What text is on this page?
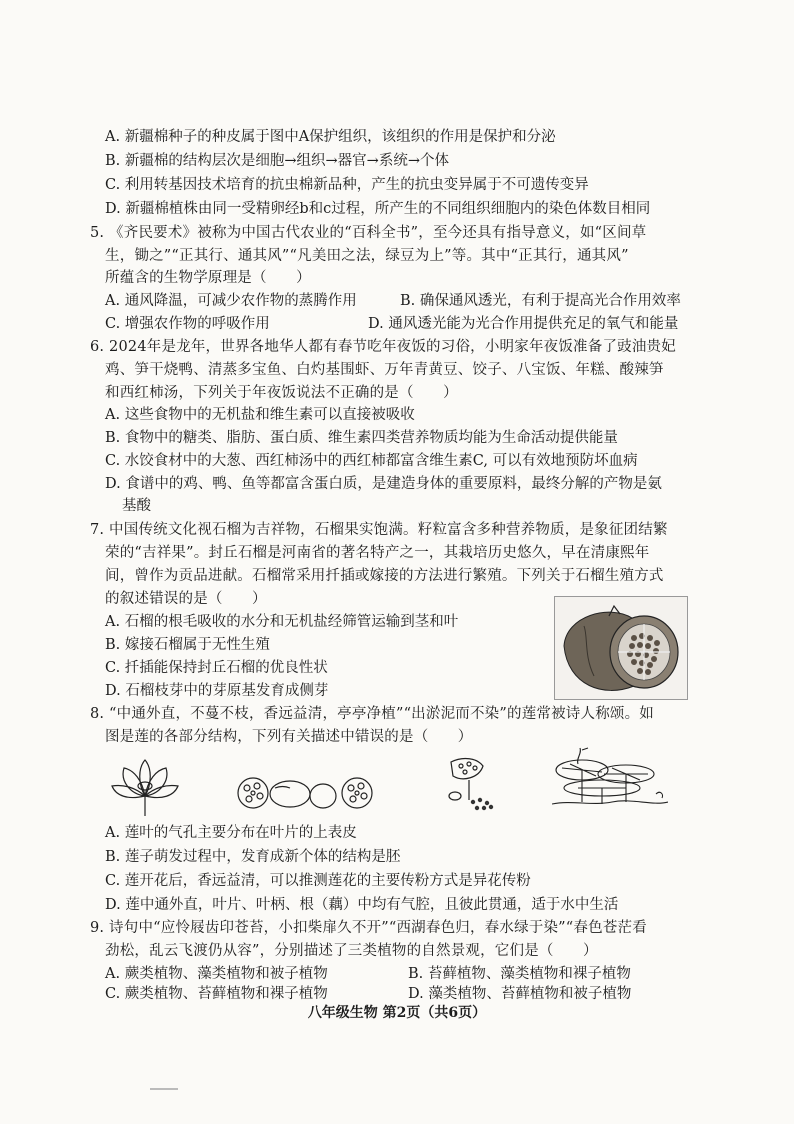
A. 新疆棉种子的种皮属于图中A保护组织，该组织的作用是保护和分泌
B. 新疆棉的结构层次是细胞→组织→器官→系统→个体
C. 利用转基因技术培育的抗虫棉新品种，产生的抗虫变异属于不可遗传变异
D. 新疆棉植株由同一受精卵经b和c过程，所产生的不同组织细胞内的染色体数目相同
5. 《齐民要术》被称为中国古代农业的“百科全书”，至今还具有指导意义，如“区间草
生，锄之”“正其行、通其风”“凡美田之法，绿豆为上”等。其中“正其行，通其风”
所蕴含的生物学原理是（　　）
A. 通风降温，可减少农作物的蒸腾作用	B. 确保通风透光，有利于提高光合作用效率
C. 增强农作物的呼吸作用	D. 通风透光能为光合作用提供充足的氧气和能量
6. 2024年是龙年，世界各地华人都有春节吃年夜饭的习俗，小明家年夜饭准备了豉油贵妃
鸡、笋干烧鸭、清蒸多宝鱼、白灼基围虾、万年青黄豆、饺子、八宝饭、年糕、酸辣笋
和西红柿汤，下列关于年夜饭说法不正确的是（　　）
A. 这些食物中的无机盐和维生素可以直接被吸收
B. 食物中的糖类、脂肪、蛋白质、维生素四类营养物质均能为生命活动提供能量
C. 水饺食材中的大葱、西红柿汤中的西红柿都富含维生素C, 可以有效地预防坏血病
D. 食谱中的鸡、鸭、鱼等都富含蛋白质，是建造身体的重要原料，最终分解的产物是氨
基酸
7. 中国传统文化视石榴为吉祥物，石榴果实饱满。籽粒富含多种营养物质，是象征团结繁
荣的“吉祥果”。封丘石榴是河南省的著名特产之一，其栽培历史悠久，早在清康熙年
间，曾作为贡品进献。石榴常采用扦插或嫁接的方法进行繁殖。下列关于石榴生殖方式
的叙述错误的是（　　）
A. 石榴的根毛吸收的水分和无机盐经筛管运输到茎和叶
B. 嫁接石榴属于无性生殖
C. 扦插能保持封丘石榴的优良性状
D. 石榴枝芽中的芽原基发育成侧芽
8. “中通外直，不蔓不枝，香远益清，亭亭净植”“出淤泥而不染”的莲常被诗人称颂。如
图是莲的各部分结构，下列有关描述中错误的是（　　）
A. 莲叶的气孔主要分布在叶片的上表皮
B. 莲子萌发过程中，发育成新个体的结构是胚
C. 莲开花后，香远益清，可以推测莲花的主要传粉方式是异花传粉
D. 莲中通外直，叶片、叶柄、根（藕）中均有气腔，且彼此贯通，适于水中生活
9. 诗句中“应怜屐齿印苍苔，小扣柴扉久不开”“西湖春色归，春水绿于染”“春色苍茫看
劲松，乱云飞渡仍从容”，分别描述了三类植物的自然景观，它们是（　　）
A. 蕨类植物、藻类植物和被子植物	B. 苔藓植物、藻类植物和裸子植物
C. 蕨类植物、苔藓植物和裸子植物	D. 藻类植物、苔藓植物和被子植物
八年级生物 第2页（共6页）
